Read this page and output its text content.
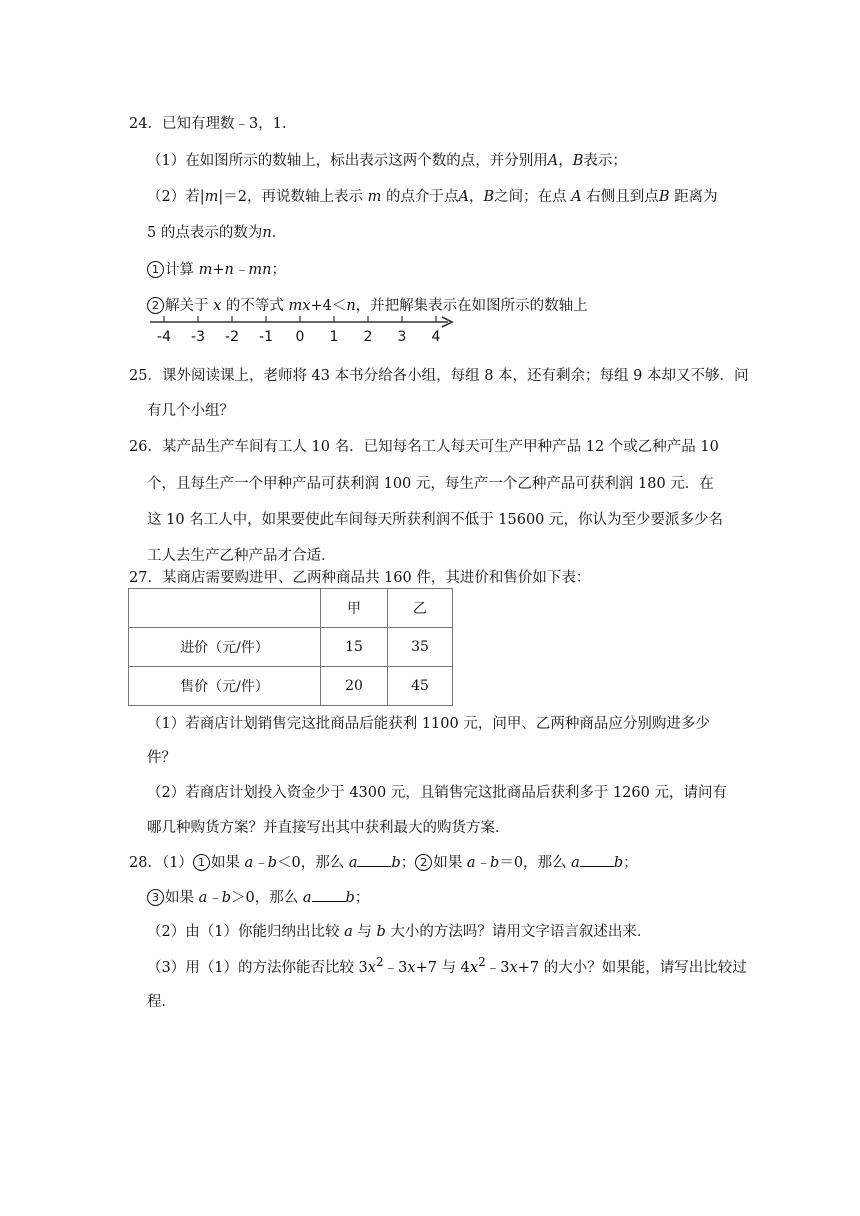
24．已知有理数﹣3，1．
（1）在如图所示的数轴上，标出表示这两个数的点，并分别用A，B表示；
（2）若|m|＝2，再说数轴上表示 m 的点介于点A，B之间；在点 A 右侧且到点B 距离为
5 的点表示的数为n．
1 计算 m+n﹣mn；
2 解关于 x 的不等式 mx+4＜n，并把解集表示在如图所示的数轴上
-4 -3 -2 -1 0 1 2 3 4
25．课外阅读课上，老师将 43 本书分给各小组，每组 8 本，还有剩余；每组 9 本却又不够．问
有几个小组？
26．某产品生产车间有工人 10 名．已知每名工人每天可生产甲种产品 12 个或乙种产品 10
个，且每生产一个甲种产品可获利润 100 元，每生产一个乙种产品可获利润 180 元．在
这 10 名工人中，如果要使此车间每天所获利润不低于 15600 元，你认为至少要派多少名
工人去生产乙种产品才合适．
27．某商店需要购进甲、乙两种商品共 160 件，其进价和售价如下表：
	甲	乙
进价（元/件）	15	35
售价（元/件）	20	45
（1）若商店计划销售完这批商品后能获利 1100 元，问甲、乙两种商品应分别购进多少
件？
（2）若商店计划投入资金少于 4300 元，且销售完这批商品后获利多于 1260 元，请问有
哪几种购货方案？并直接写出其中获利最大的购货方案．
28．（1） 1 如果 a﹣b＜0，那么 a b； 2 如果 a﹣b＝0，那么 a b；
3 如果 a﹣b＞0，那么 a b；
（2）由（1）你能归纳出比较 a 与 b 大小的方法吗？请用文字语言叙述出来．
（3）用（1）的方法你能否比较 $3x^2﹣3x+7$ 与 $4x^2﹣3x+7$ 的大小？如果能，请写出比较过
程．
